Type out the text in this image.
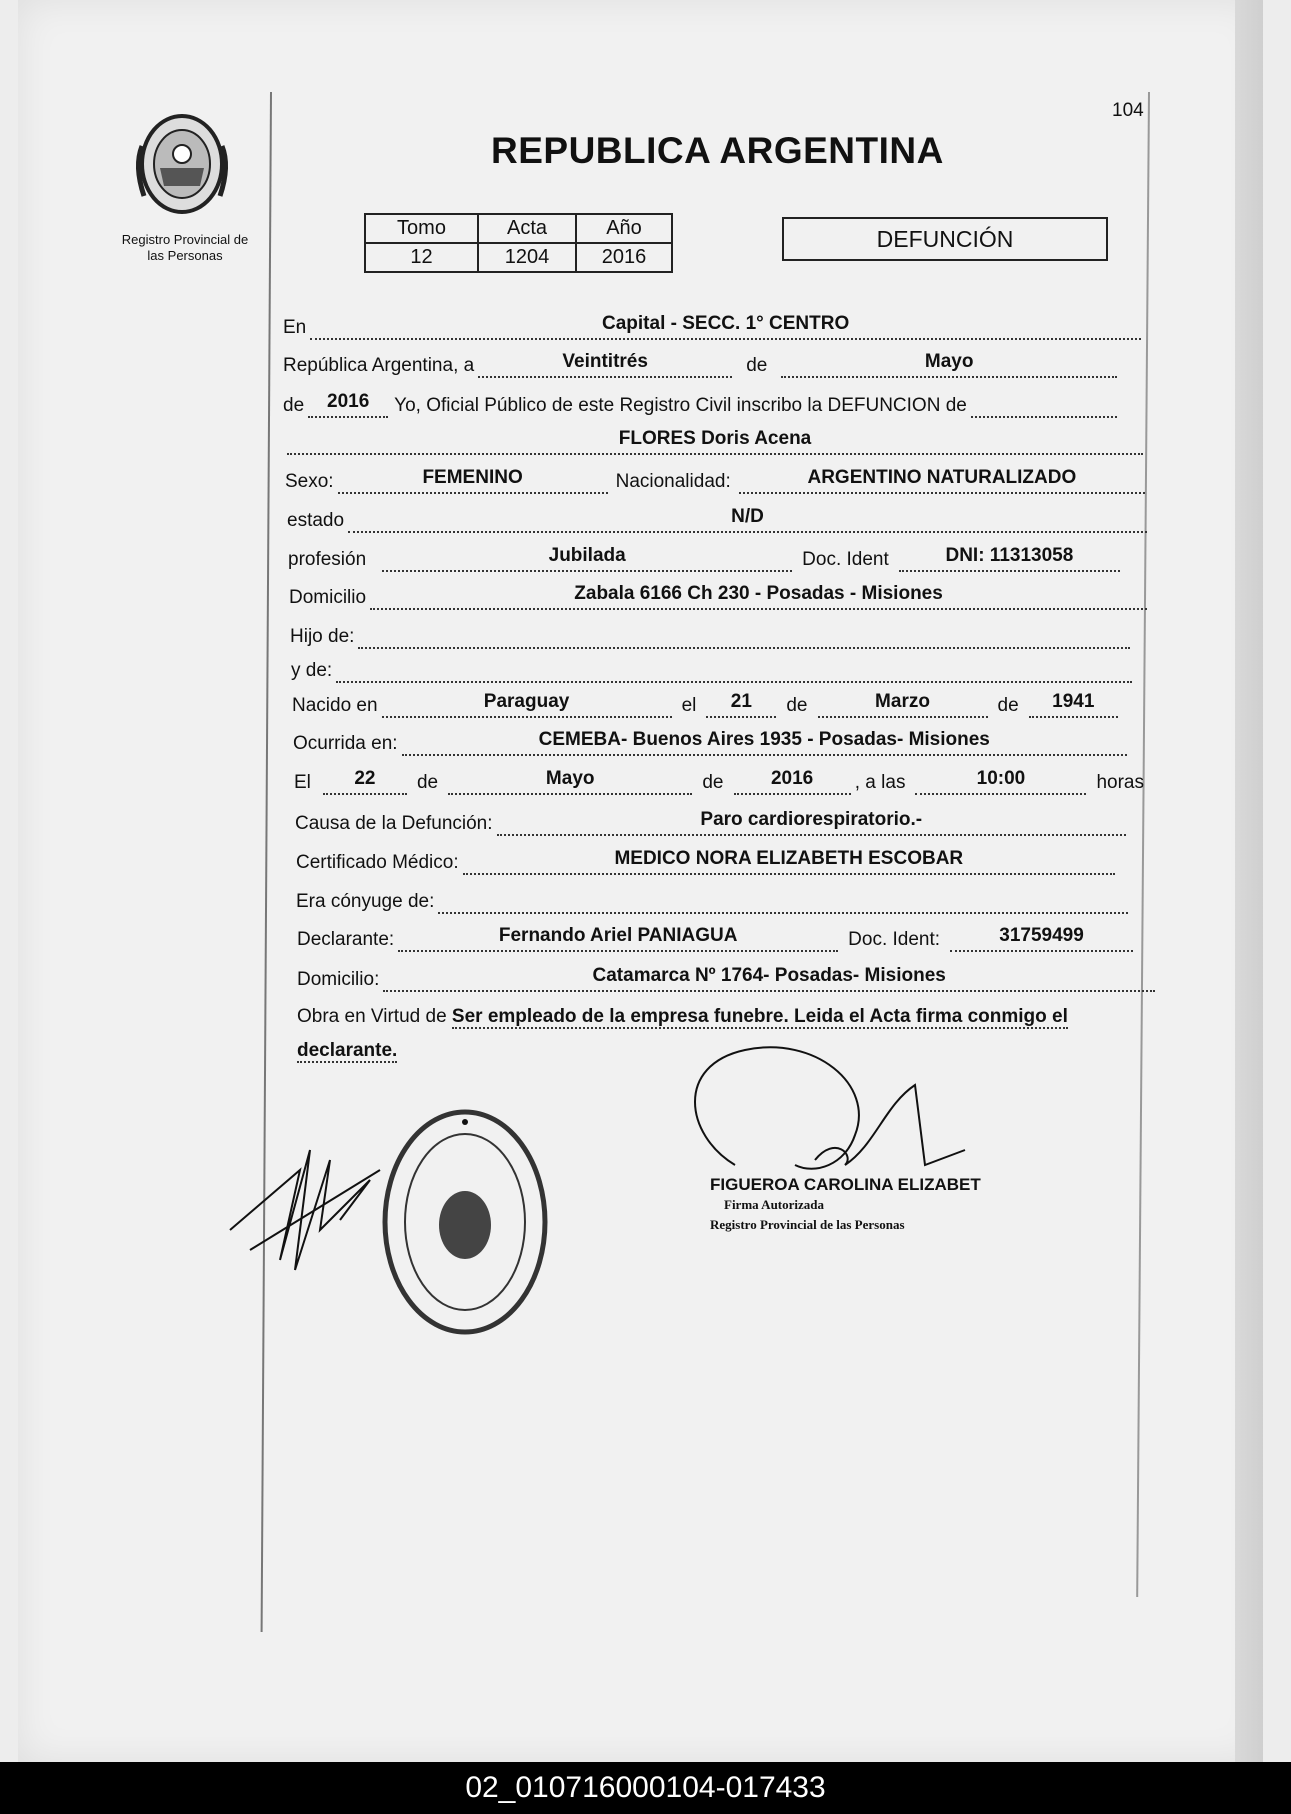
104
Registro Provincial de
las Personas
REPUBLICA ARGENTINA
Tomo	Acta	Año
12	1204	2016
DEFUNCIÓN
En	Capital - SECC. 1° CENTRO
República Argentina, a	Veintitrés	de	Mayo
de	2016	Yo, Oficial Público de este Registro Civil inscribo la DEFUNCION de
FLORES Doris Acena
Sexo:	FEMENINO	Nacionalidad:	ARGENTINO NATURALIZADO
estado	N/D
profesión	Jubilada	Doc. Ident	DNI: 11313058
Domicilio	Zabala 6166 Ch 230 - Posadas - Misiones
Hijo de:
y de:
Nacido en	Paraguay	el	21	de	Marzo	de	1941
Ocurrida en:	CEMEBA- Buenos Aires 1935 - Posadas- Misiones
El	22	de	Mayo	de	2016	, a las	10:00	horas
Causa de la Defunción:	Paro cardiorespiratorio.-
Certificado Médico:	MEDICO NORA ELIZABETH ESCOBAR
Era cónyuge de:
Declarante:	Fernando Ariel PANIAGUA	Doc. Ident:	31759499
Domicilio:	Catamarca Nº 1764- Posadas- Misiones
Obra en Virtud de Ser empleado de la empresa funebre. Leida el Acta firma conmigo el declarante.
FIGUEROA CAROLINA ELIZABET
Firma Autorizada
Registro Provincial de las Personas
02_010716000104-017433
